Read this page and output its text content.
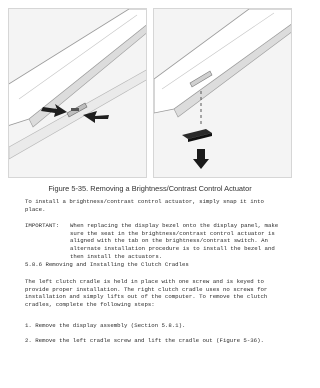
Figure 5-35. Removing a Brightness/Contrast Control Actuator
To install a brightness/contrast control actuator, simply snap it into place.
IMPORTANT:	When replacing the display bezel onto the display panel, make sure the seat in the brightness/contrast control actuator is aligned with the tab on the brightness/contrast switch. An alternate installation procedure is to install the bezel and then install the actuators.
5.8.6 Removing and Installing the Clutch Cradles
The left clutch cradle is held in place with one screw and is keyed to provide proper installation. The right clutch cradle uses no screws for installation and simply lifts out of the computer. To remove the clutch cradles, complete the following steps:
1. Remove the display assembly (Section 5.8.1).
2. Remove the left cradle screw and lift the cradle out (Figure 5-36).
